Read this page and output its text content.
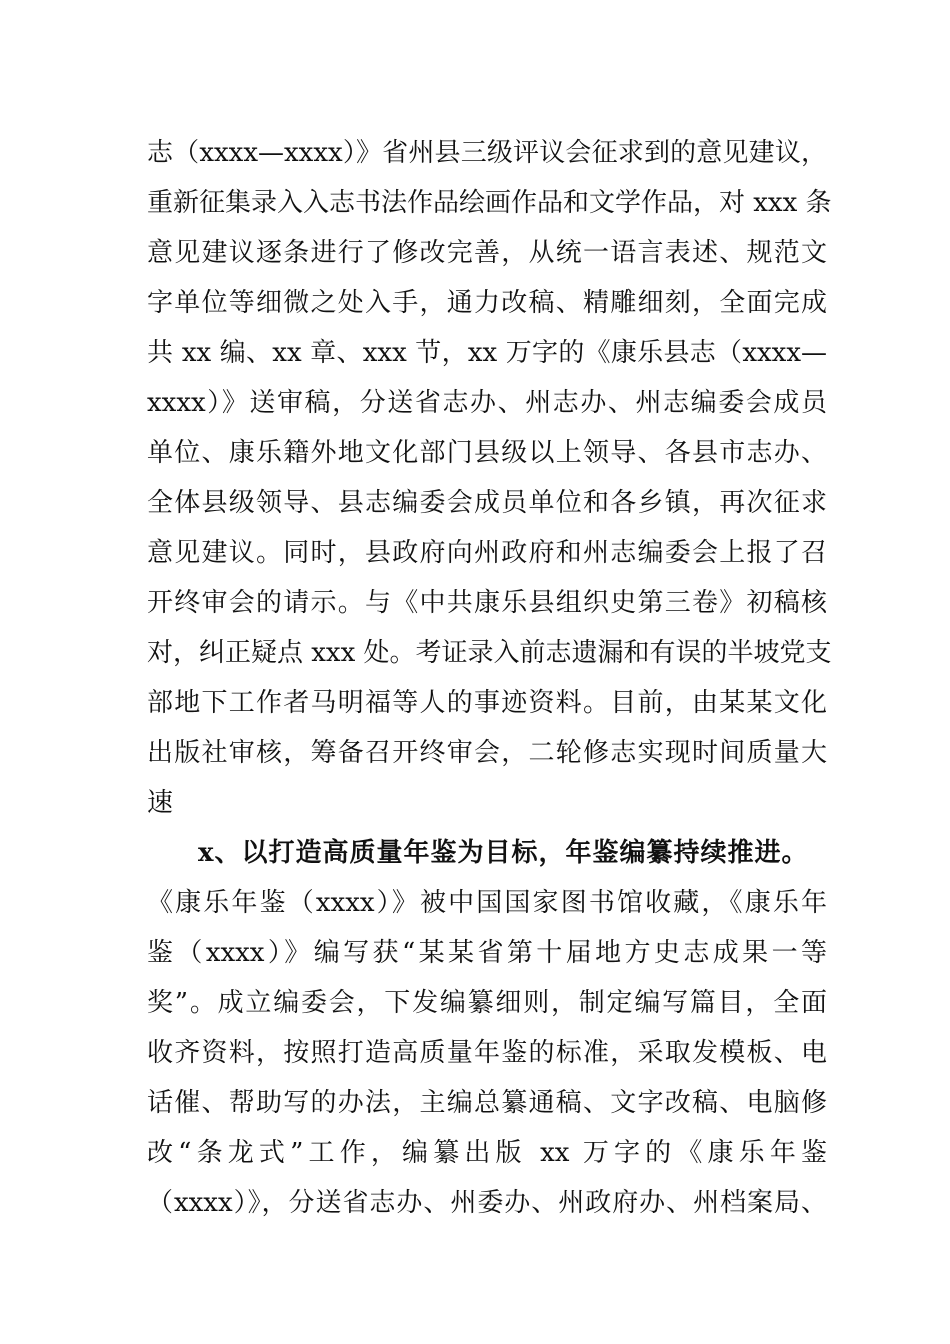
志（xxxx—xxxx）》省州县三级评议会征求到的意见建议，
重新征集录入入志书法作品绘画作品和文学作品，对 xxx 条
意见建议逐条进行了修改完善，从统一语言表述、规范文
字单位等细微之处入手，通力改稿、精雕细刻，全面完成
共 xx 编、xx 章、xxx 节，xx 万字的《康乐县志（xxxx—
xxxx）》送审稿，分送省志办、州志办、州志编委会成员
单位、康乐籍外地文化部门县级以上领导、各县市志办、
全体县级领导、县志编委会成员单位和各乡镇，再次征求
意见建议。同时，县政府向州政府和州志编委会上报了召
开终审会的请示。与《中共康乐县组织史第三卷》初稿核
对，纠正疑点 xxx 处。考证录入前志遗漏和有误的半坡党支
部地下工作者马明福等人的事迹资料。目前，由某某文化
出版社审核，筹备召开终审会，二轮修志实现时间质量大
速
x、以打造高质量年鉴为目标，年鉴编纂持续推进。
《康乐年鉴（xxxx）》被中国国家图书馆收藏，《康乐年
鉴（xxxx）》编写获“某某省第十届地方史志成果一等
奖”。成立编委会，下发编纂细则，制定编写篇目，全面
收齐资料，按照打造高质量年鉴的标准，采取发模板、电
话催、帮助写的办法，主编总纂通稿、文字改稿、电脑修
改“条龙式”工作，编纂出版 xx 万字的《康乐年鉴
（xxxx）》，分送省志办、州委办、州政府办、州档案局、
